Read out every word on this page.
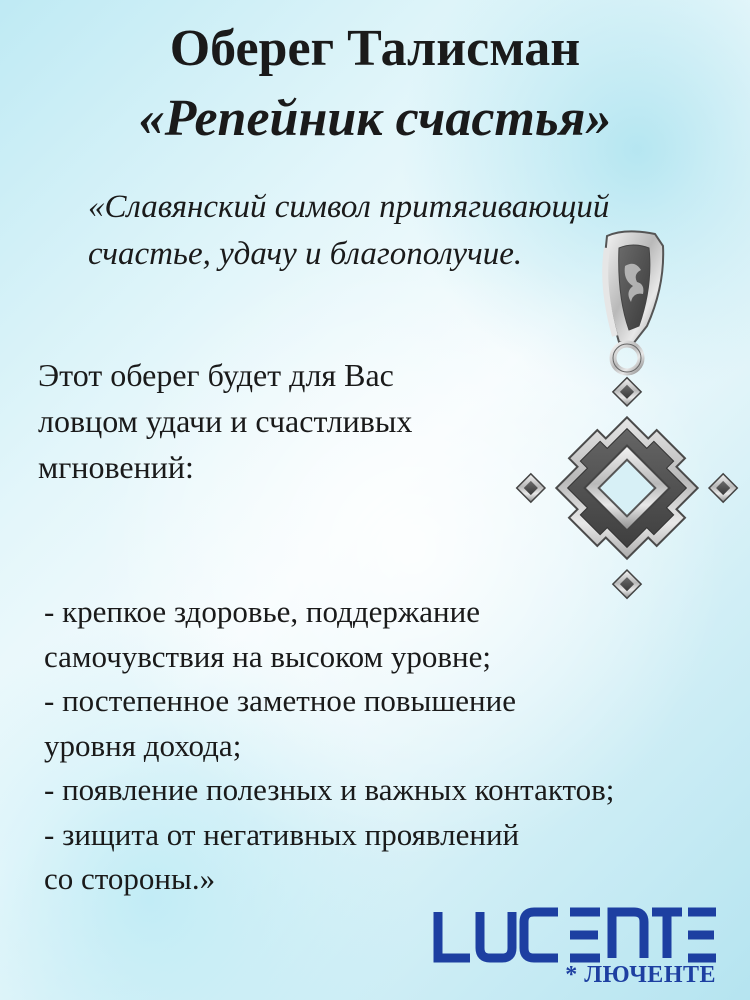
Оберег Талисман
«Репейник счастья»
«Славянский символ притягивающий
счастье, удачу и благополучие.
Этот оберег будет для Вас
ловцом удачи и счастливых
мгновений:
- крепкое здоровье, поддержание
самочувствия на высоком уровне;
- постепенное заметное повышение
уровня дохода;
- появление полезных и важных контактов;
- зищита от негативных проявлений
со стороны.»
* ЛЮЧЕНТЕ
